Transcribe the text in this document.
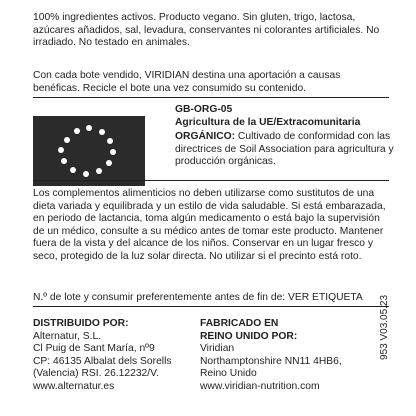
100% ingredientes activos. Producto vegano. Sin gluten, trigo, lactosa, azúcares añadidos, sal, levadura, conservantes ni colorantes artificiales. No irradiado. No testado en animales.
Con cada bote vendido, VIRIDIAN destina una aportación a causas benéficas. Recicle el bote una vez consumido su contenido.
GB-ORG-05
Agricultura de la UE/Extracomunitaria
ORGÁNICO: Cultivado de conformidad con las directrices de Soil Association para agricultura y producción orgánicas.
Los complementos alimenticios no deben utilizarse como sustitutos de una dieta variada y equilibrada y un estilo de vida saludable. Si está embarazada, en periodo de lactancia, toma algún medicamento o está bajo la supervisión de un médico, consulte a su médico antes de tomar este producto. Mantener fuera de la vista y del alcance de los niños. Conservar en un lugar fresco y seco, protegido de la luz solar directa. No utilizar si el precinto está roto.
N.º de lote y consumir preferentemente antes de fin de: VER ETIQUETA
DISTRIBUIDO POR:
Alternatur, S.L.
Cl Puig de Sant María, nº9
CP: 46135 Albalat dels Sorells
(Valencia) RSI. 26.12232/V.
www.alternatur.es
FABRICADO EN
REINO UNIDO POR:
Viridian
Northamptonshire NN11 4HB6,
Reino Unido
www.viridian-nutrition.com
953 V03.05.23
